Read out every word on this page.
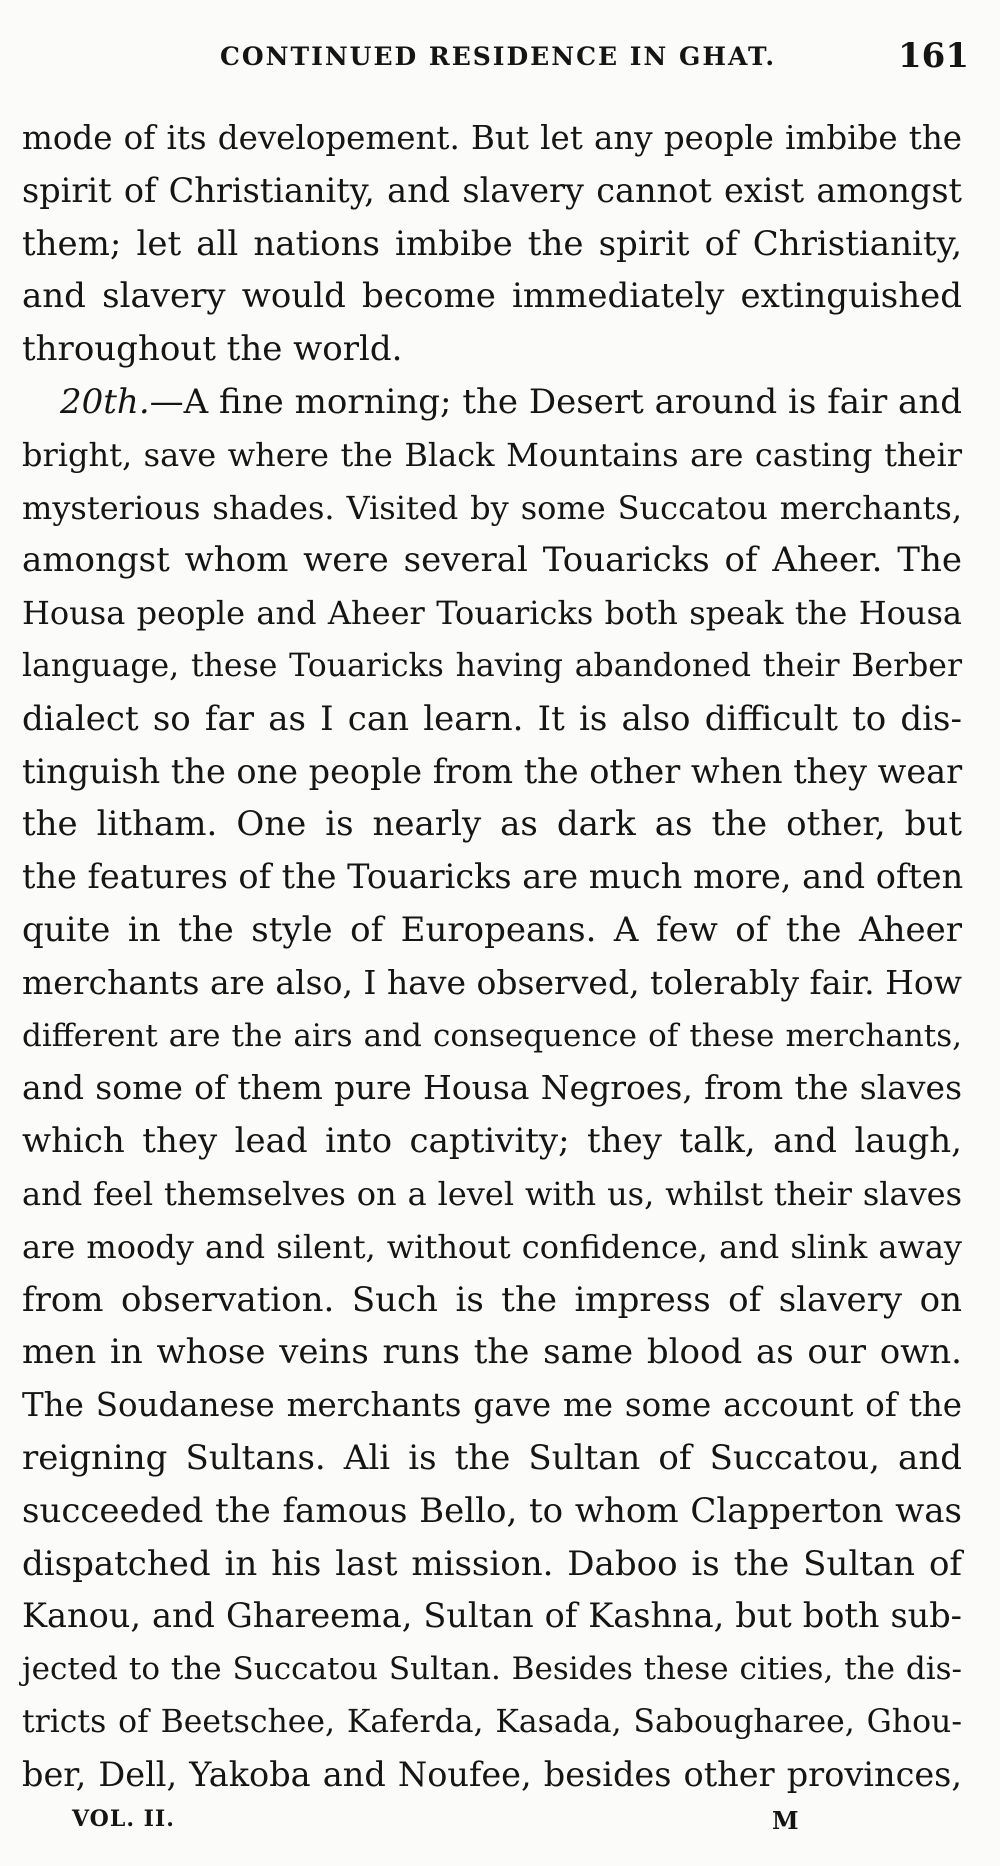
CONTINUED RESIDENCE IN GHAT.	161
mode of its developement. But let any people imbibe the
spirit of Christianity, and slavery cannot exist amongst
them; let all nations imbibe the spirit of Christianity,
and slavery would become immediately extinguished
throughout the world.
20th.—A fine morning; the Desert around is fair and
bright, save where the Black Mountains are casting their
mysterious shades. Visited by some Succatou merchants,
amongst whom were several Touaricks of Aheer. The
Housa people and Aheer Touaricks both speak the Housa
language, these Touaricks having abandoned their Berber
dialect so far as I can learn. It is also difficult to dis-
tinguish the one people from the other when they wear
the litham. One is nearly as dark as the other, but
the features of the Touaricks are much more, and often
quite in the style of Europeans. A few of the Aheer
merchants are also, I have observed, tolerably fair. How
different are the airs and consequence of these merchants,
and some of them pure Housa Negroes, from the slaves
which they lead into captivity; they talk, and laugh,
and feel themselves on a level with us, whilst their slaves
are moody and silent, without confidence, and slink away
from observation. Such is the impress of slavery on
men in whose veins runs the same blood as our own.
The Soudanese merchants gave me some account of the
reigning Sultans. Ali is the Sultan of Succatou, and
succeeded the famous Bello, to whom Clapperton was
dispatched in his last mission. Daboo is the Sultan of
Kanou, and Ghareema, Sultan of Kashna, but both sub-
jected to the Succatou Sultan. Besides these cities, the dis-
tricts of Beetschee, Kaferda, Kasada, Sabougharee, Ghou-
ber, Dell, Yakoba and Noufee, besides other provinces,
VOL. II.	M
